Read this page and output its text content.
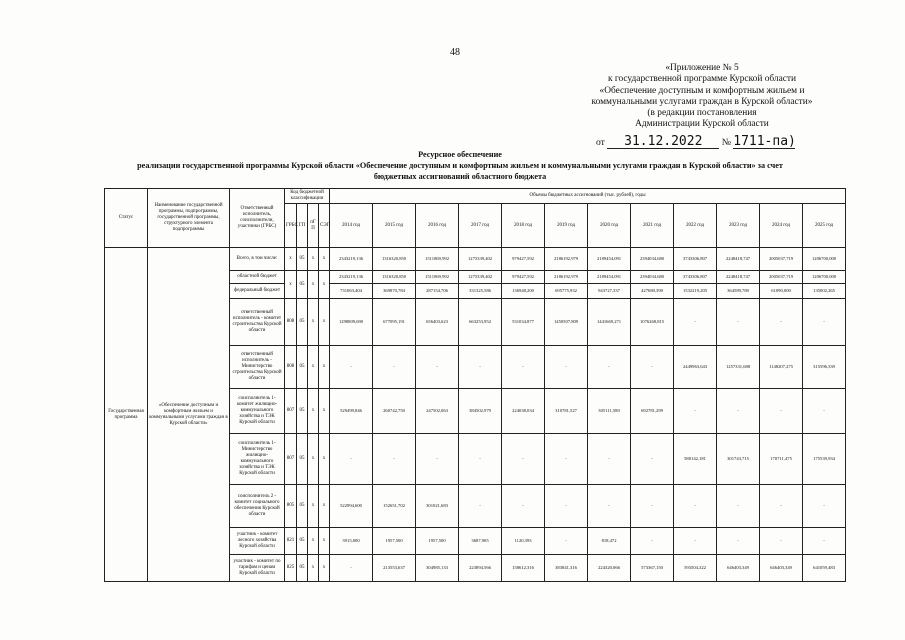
48
«Приложение № 5
к государственной программе Курской области
«Обеспечение доступным и комфортным жильем и
коммунальными услугами граждан в Курской области»
(в редакции постановления
Администрации Курской области
от 31.12.2022 № 1711-па)
Ресурсное обеспечение
реализации государственной программы Курской области «Обеспечение доступным и комфортным жильем и коммунальными услугами граждан в Курской области» за счет
бюджетных ассигнований областного бюджета
Статус	Наименование государственной программы, подпрограммы, государственной программы, структурного элемента подпрограммы	Ответственный исполнитель, соисполнители, участники (ГРБС)	Код бюджетной классификации				Объемы бюджетных ассигнований (тыс. рублей), годы											
			ГРБС	ГП	пГ
П	СЭП	2014 год	2015 год	2016 год	2017 год	2018 год	2019 год	2020 год	2021 год	2022 год	2023 год	2024 год	2025 год
Государственная программа	«Обеспечение доступным и комфортным жильем и коммунальными услугами граждан в Курской области»	Всего, в том числе:	х	05	х	х	2343219,136	1316320,850	1511869,992	1275339,402	979427,592	2186192,979	2189454,091	2394034,680	3743306,807	2248418,747	2005037,719	1206700,000
		областной бюджет	х	05	х	х	2343219,136	1316320,850	1511869,992	1275339,402	979427,592	2186192,979	2189454,091	2394034,680	3743306,807	2248418,747	2005037,719	1206700,000
		федеральный бюджет					731063,404	369870,784	287154,706	331325,586	136948,200	695775,932	943727,337	427680,390	1532219,205	364589,780	61090,000	135002,265
		ответственный исполнитель - комитет строительства Курской области	808	05	х	х	1298809,690	677095,191	656403,623	663253,952	531034,877	1450507,809	1441669,271	1076268,815	-	-	-	-
		ответственный исполнитель - Министерство строительства Курской области	808	05	х	х	-	-	-	-	-	-	-	-	2449963,643	1257331,688	1148207,275	315596,339
		соисполнитель 1- комитет жилищно-коммунального хозяйства и ТЭК Курской области	807	05	х	х	529499,846	260742,750	247502,063	384502,979	224038,034	310781,527	305111,580	692781,299	-	-	-	-
		соисполнитель 1- Министерство жилищно-коммунального хозяйства и ТЭК Курской области	807	05	х	х	-	-	-	-	-	-	-	-	580142,181	301743,715	170711,475	175539,934
		соисполнитель 2 - комитет социального обеспечения Курской области	805	05	х	х	522994,600	152651,702	301021,683	-	-	-	-	-	-	-	-	-
		участник - комитет лесного хозяйства Курской области	821	05	х	х	3915,000	1957,500	1957,500	3687,905	1120,393	-	818,472	-	-	-	-	-
		участник - комитет по тарифам и ценам Курской области	825	05	х	х	-	213553,637	304985,133	223894,566	158612,316	383841,316	224320,066	573367,150	593504,322	646403,349	646403,349	641059,483
